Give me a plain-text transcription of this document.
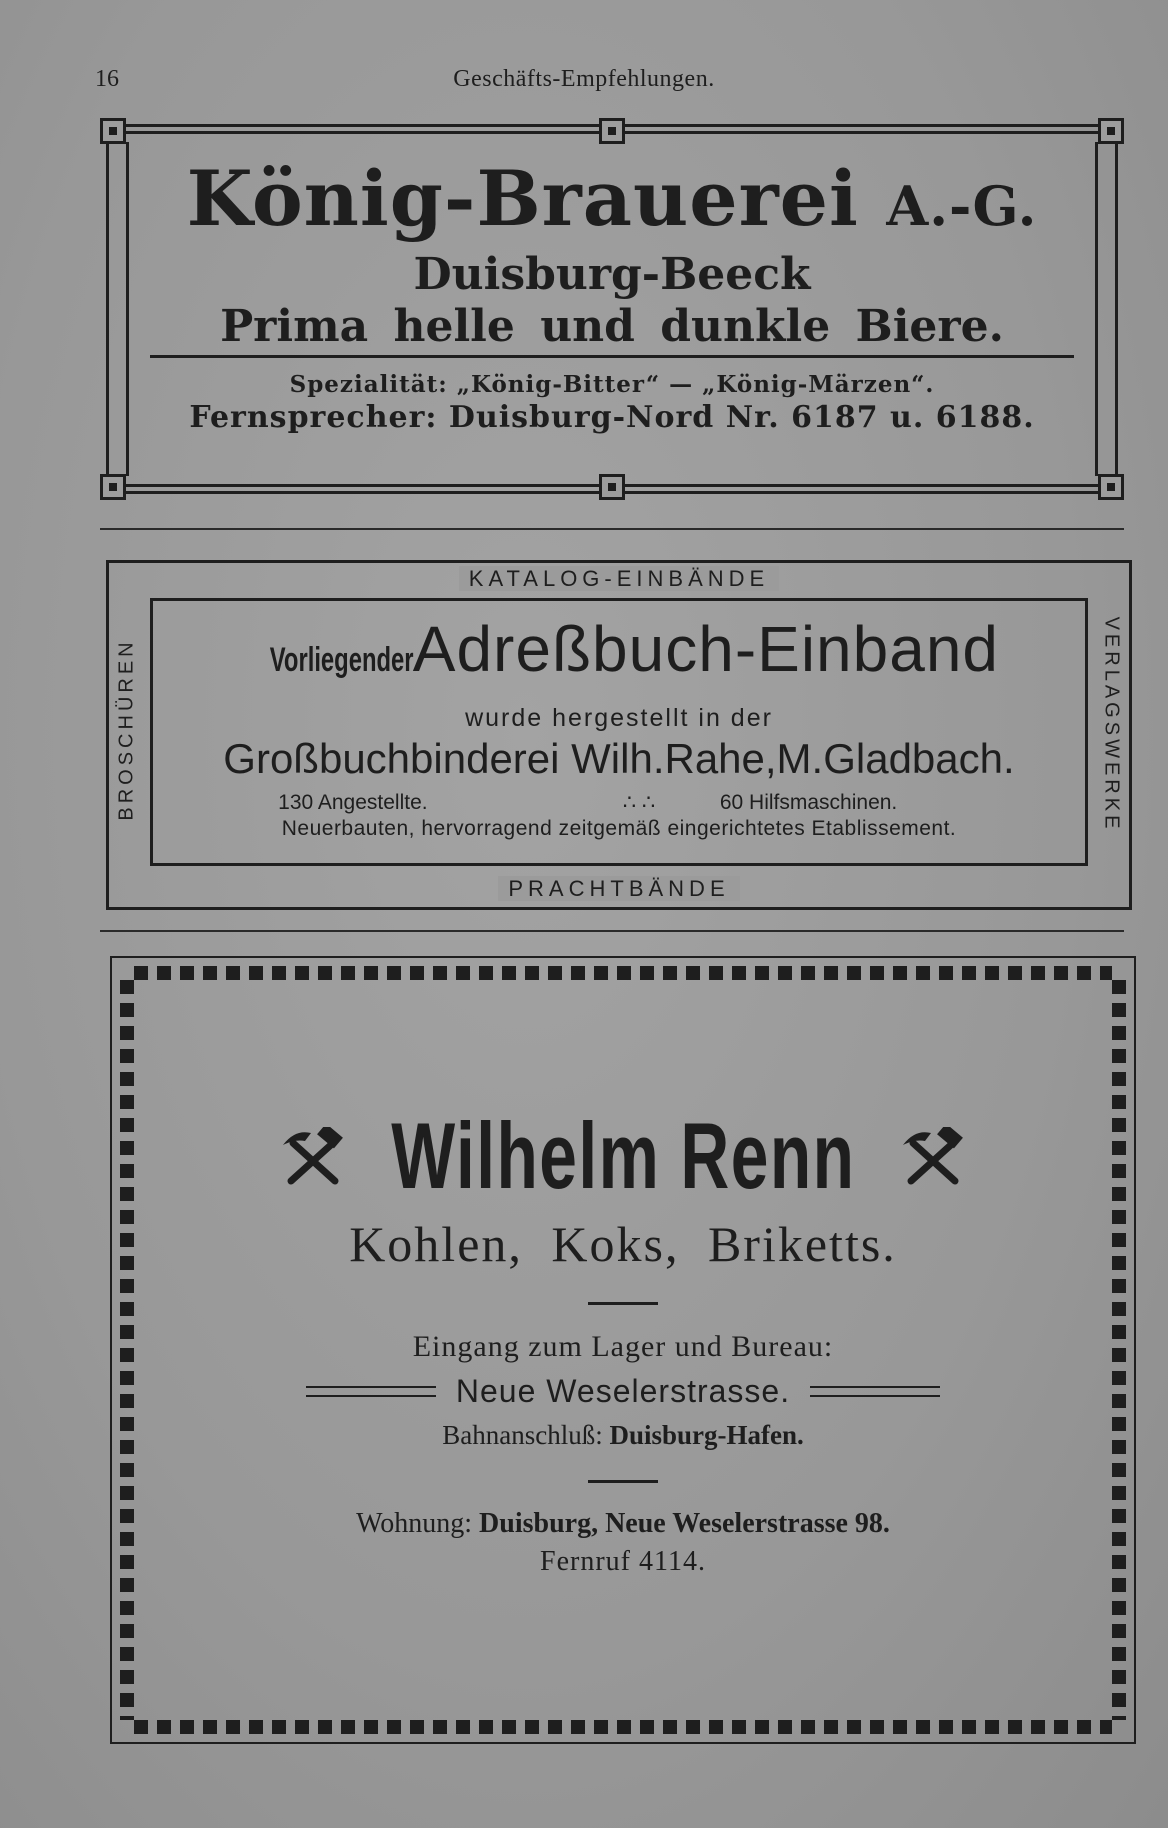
16	Geschäfts-Empfehlungen.
König-Brauerei A.-G.
Duisburg-Beeck
Prima helle und dunkle Biere.
Spezialität: „König-Bitter“ — „König-Märzen“.
Fernsprecher: Duisburg-Nord Nr. 6187 u. 6188.
KATALOG-EINBÄNDE
PRACHTBÄNDE
BROSCHÜREN	VERLAGSWERKE
Vorliegender Adreßbuch-Einband
wurde hergestellt in der
Großbuchbinderei Wilh.Rahe,M.Gladbach.
130 Angestellte.	∴ ∴	60 Hilfsmaschinen.
Neuerbauten, hervorragend zeitgemäß eingerichtetes Etablissement.
Wilhelm Renn
Kohlen, Koks, Briketts.
Eingang zum Lager und Bureau:
Neue Weselerstrasse.
Bahnanschluß: Duisburg-Hafen.
Wohnung: Duisburg, Neue Weselerstrasse 98.
Fernruf 4114.
